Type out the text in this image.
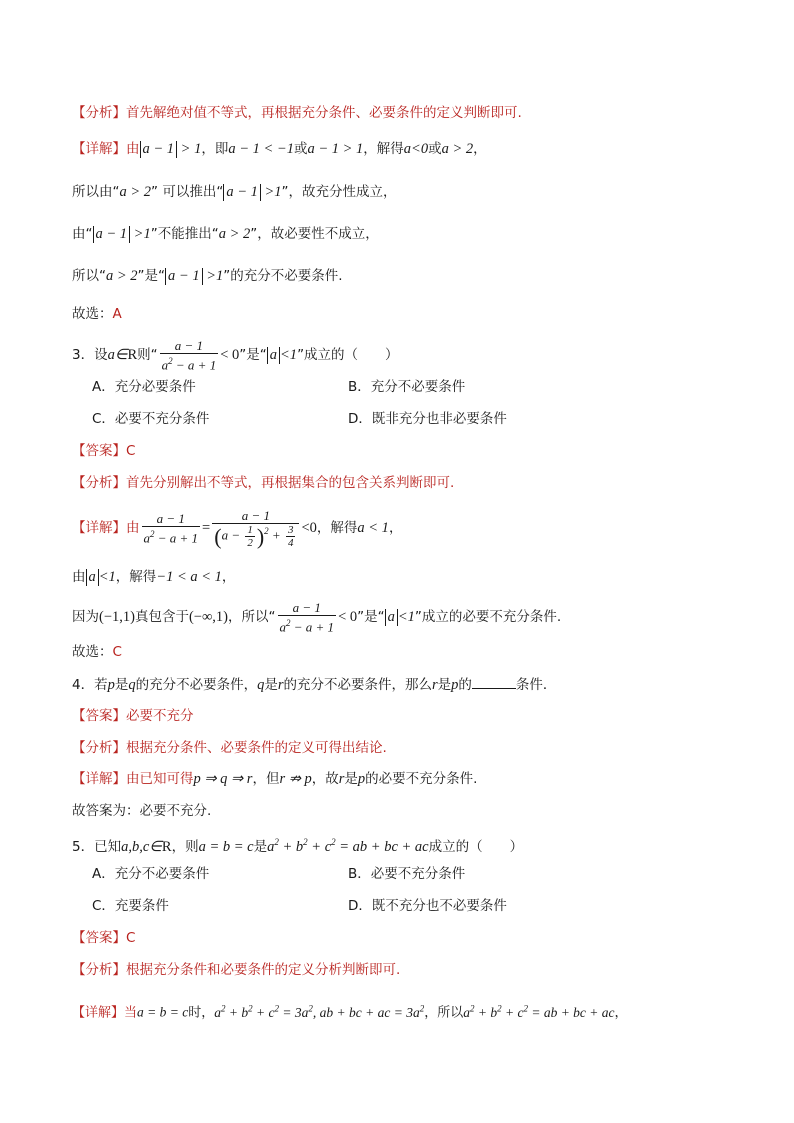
【分析】首先解绝对值不等式，再根据充分条件、必要条件的定义判断即可.
【详解】由 a − 1 > 1，即a − 1 < −1或a − 1 > 1，解得a<0或a > 2，
所以由“a > 2” 可以推出“ a − 1 >1”，故充分性成立，
由“ a − 1 >1”不能推出“a > 2”，故必要性不成立，
所以“a > 2”是“ a − 1 >1”的充分不必要条件.
故选：A
3．设a∈R则“ $\frac{a - 1}{a^2 - a + 1} < 0$”是“ a <1”成立的（　　）
A．充分必要条件	B．充分不必要条件
C．必要不充分条件	D．既非充分也非必要条件
【答案】C
【分析】首先分别解出不等式，再根据集合的包含关系判断即可.
【详解】由 $\frac{a - 1}{a^2 - a + 1} = \frac{a - 1}{(a - \frac{1}{2} )^2 + \frac{3}{4}} <0$，解得a < 1，
由 a <1，解得−1 < a < 1，
因为(−1,1)真包含于(−∞,1)，所以“ $\frac{a - 1}{a^2 - a + 1} < 0$”是“ a <1”成立的必要不充分条件.
故选：C
4．若p是q的充分不必要条件，q是r的充分不必要条件，那么r是p的	条件．
【答案】必要不充分
【分析】根据充分条件、必要条件的定义可得出结论.
【详解】由已知可得p ⇒ q ⇒ r，但r ⇏ p，故r是p的必要不充分条件.
故答案为：必要不充分.
5．已知a,b,c∈R，则a = b = c是$a^2 + b^2 + c^2$ = ab + bc + ac成立的（　　）
A．充分不必要条件	B．必要不充分条件
C．充要条件	D．既不充分也不必要条件
【答案】C
【分析】根据充分条件和必要条件的定义分析判断即可.
【详解】当a = b = c时，$a^2 + b^2 + c^2 = 3a^2$, ab + bc + ac = $3a^2$，所以$a^2 + b^2 + c^2$ = ab + bc + ac，
